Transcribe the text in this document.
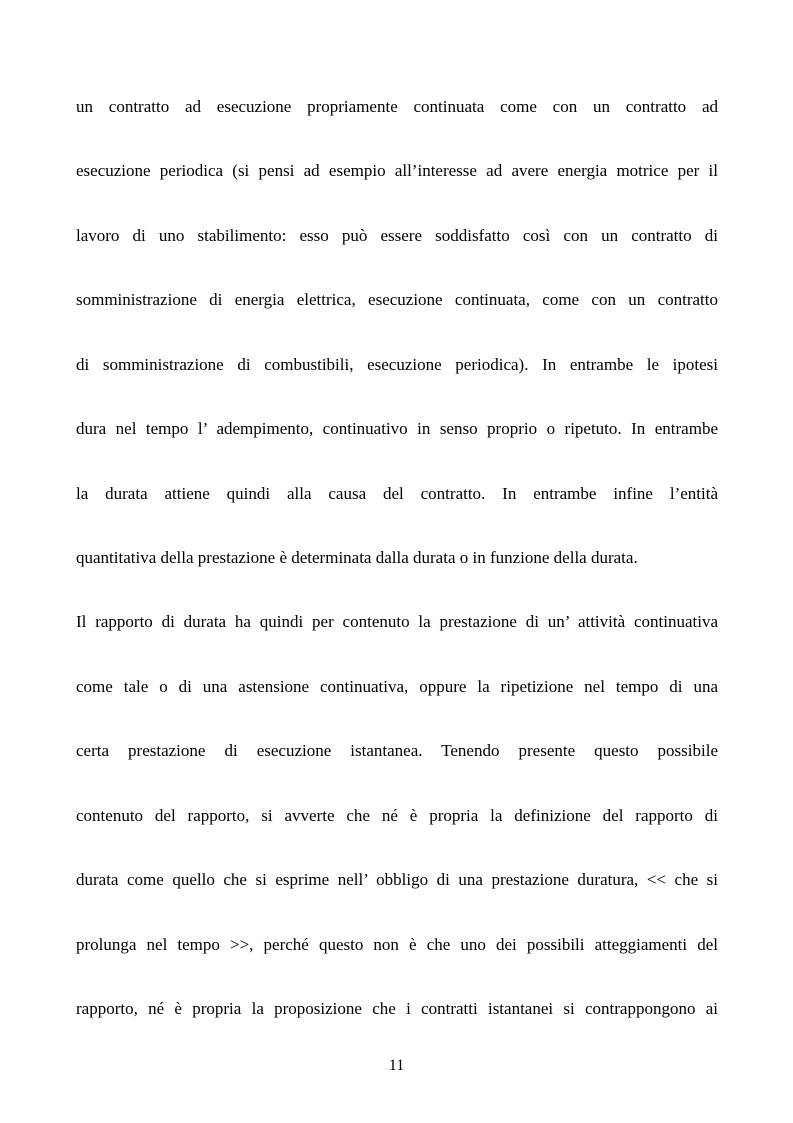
un contratto ad esecuzione propriamente continuata come con un contratto ad
esecuzione periodica (si pensi ad esempio all’interesse ad avere energia motrice per il
lavoro di uno stabilimento: esso può essere soddisfatto così con un contratto di
somministrazione di energia elettrica, esecuzione continuata, come con un contratto
di somministrazione di combustibili, esecuzione periodica). In entrambe le ipotesi
dura nel tempo l’ adempimento, continuativo in senso proprio o ripetuto. In entrambe
la durata attiene quindi alla causa del contratto. In entrambe infine l’entità
quantitativa della prestazione è determinata dalla durata o in funzione della durata.
Il rapporto di durata ha quindi per contenuto la prestazione di un’ attività continuativa
come tale o di una astensione continuativa, oppure la ripetizione nel tempo di una
certa prestazione di esecuzione istantanea. Tenendo presente questo possibile
contenuto del rapporto, si avverte che né è propria la definizione del rapporto di
durata come quello che si esprime nell’ obbligo di una prestazione duratura, << che si
prolunga nel tempo >>, perché questo non è che uno dei possibili atteggiamenti del
rapporto, né è propria la proposizione che i contratti istantanei si contrappongono ai
11
